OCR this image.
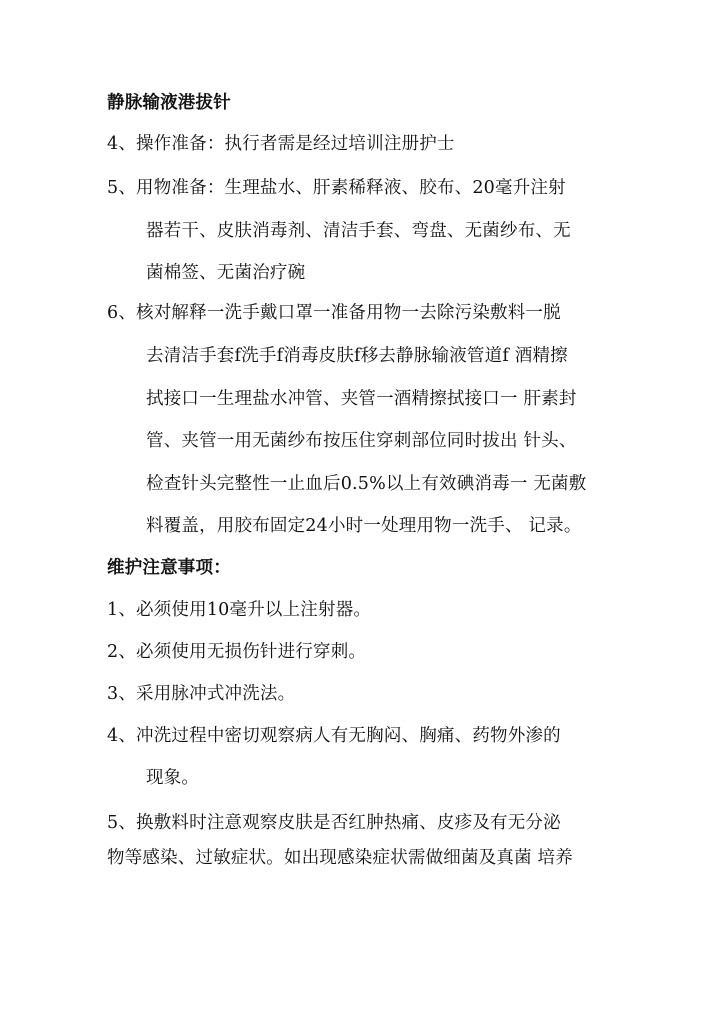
静脉输液港拔针
4、操作准备：执行者需是经过培训注册护士
5、用物准备：生理盐水、肝素稀释液、胶布、20毫升注射
器若干、皮肤消毒剂、清洁手套、弯盘、无菌纱布、无
菌棉签、无菌治疗碗
6、核对解释一洗手戴口罩一准备用物一去除污染敷料一脱
去清洁手套f洗手f消毒皮肤f移去静脉输液管道f 酒精擦
拭接口一生理盐水冲管、夹管一酒精擦拭接口一 肝素封
管、夹管一用无菌纱布按压住穿刺部位同时拔出 针头、
检查针头完整性一止血后0.5%以上有效碘消毒一 无菌敷
料覆盖，用胶布固定24小时一处理用物一洗手、 记录。
维护注意事项：
1、必须使用10毫升以上注射器。
2、必须使用无损伤针进行穿刺。
3、采用脉冲式冲洗法。
4、冲洗过程中密切观察病人有无胸闷、胸痛、药物外渗的
现象。
5、换敷料时注意观察皮肤是否红肿热痛、皮疹及有无分泌
物等感染、过敏症状。如出现感染症状需做细菌及真菌 培养
